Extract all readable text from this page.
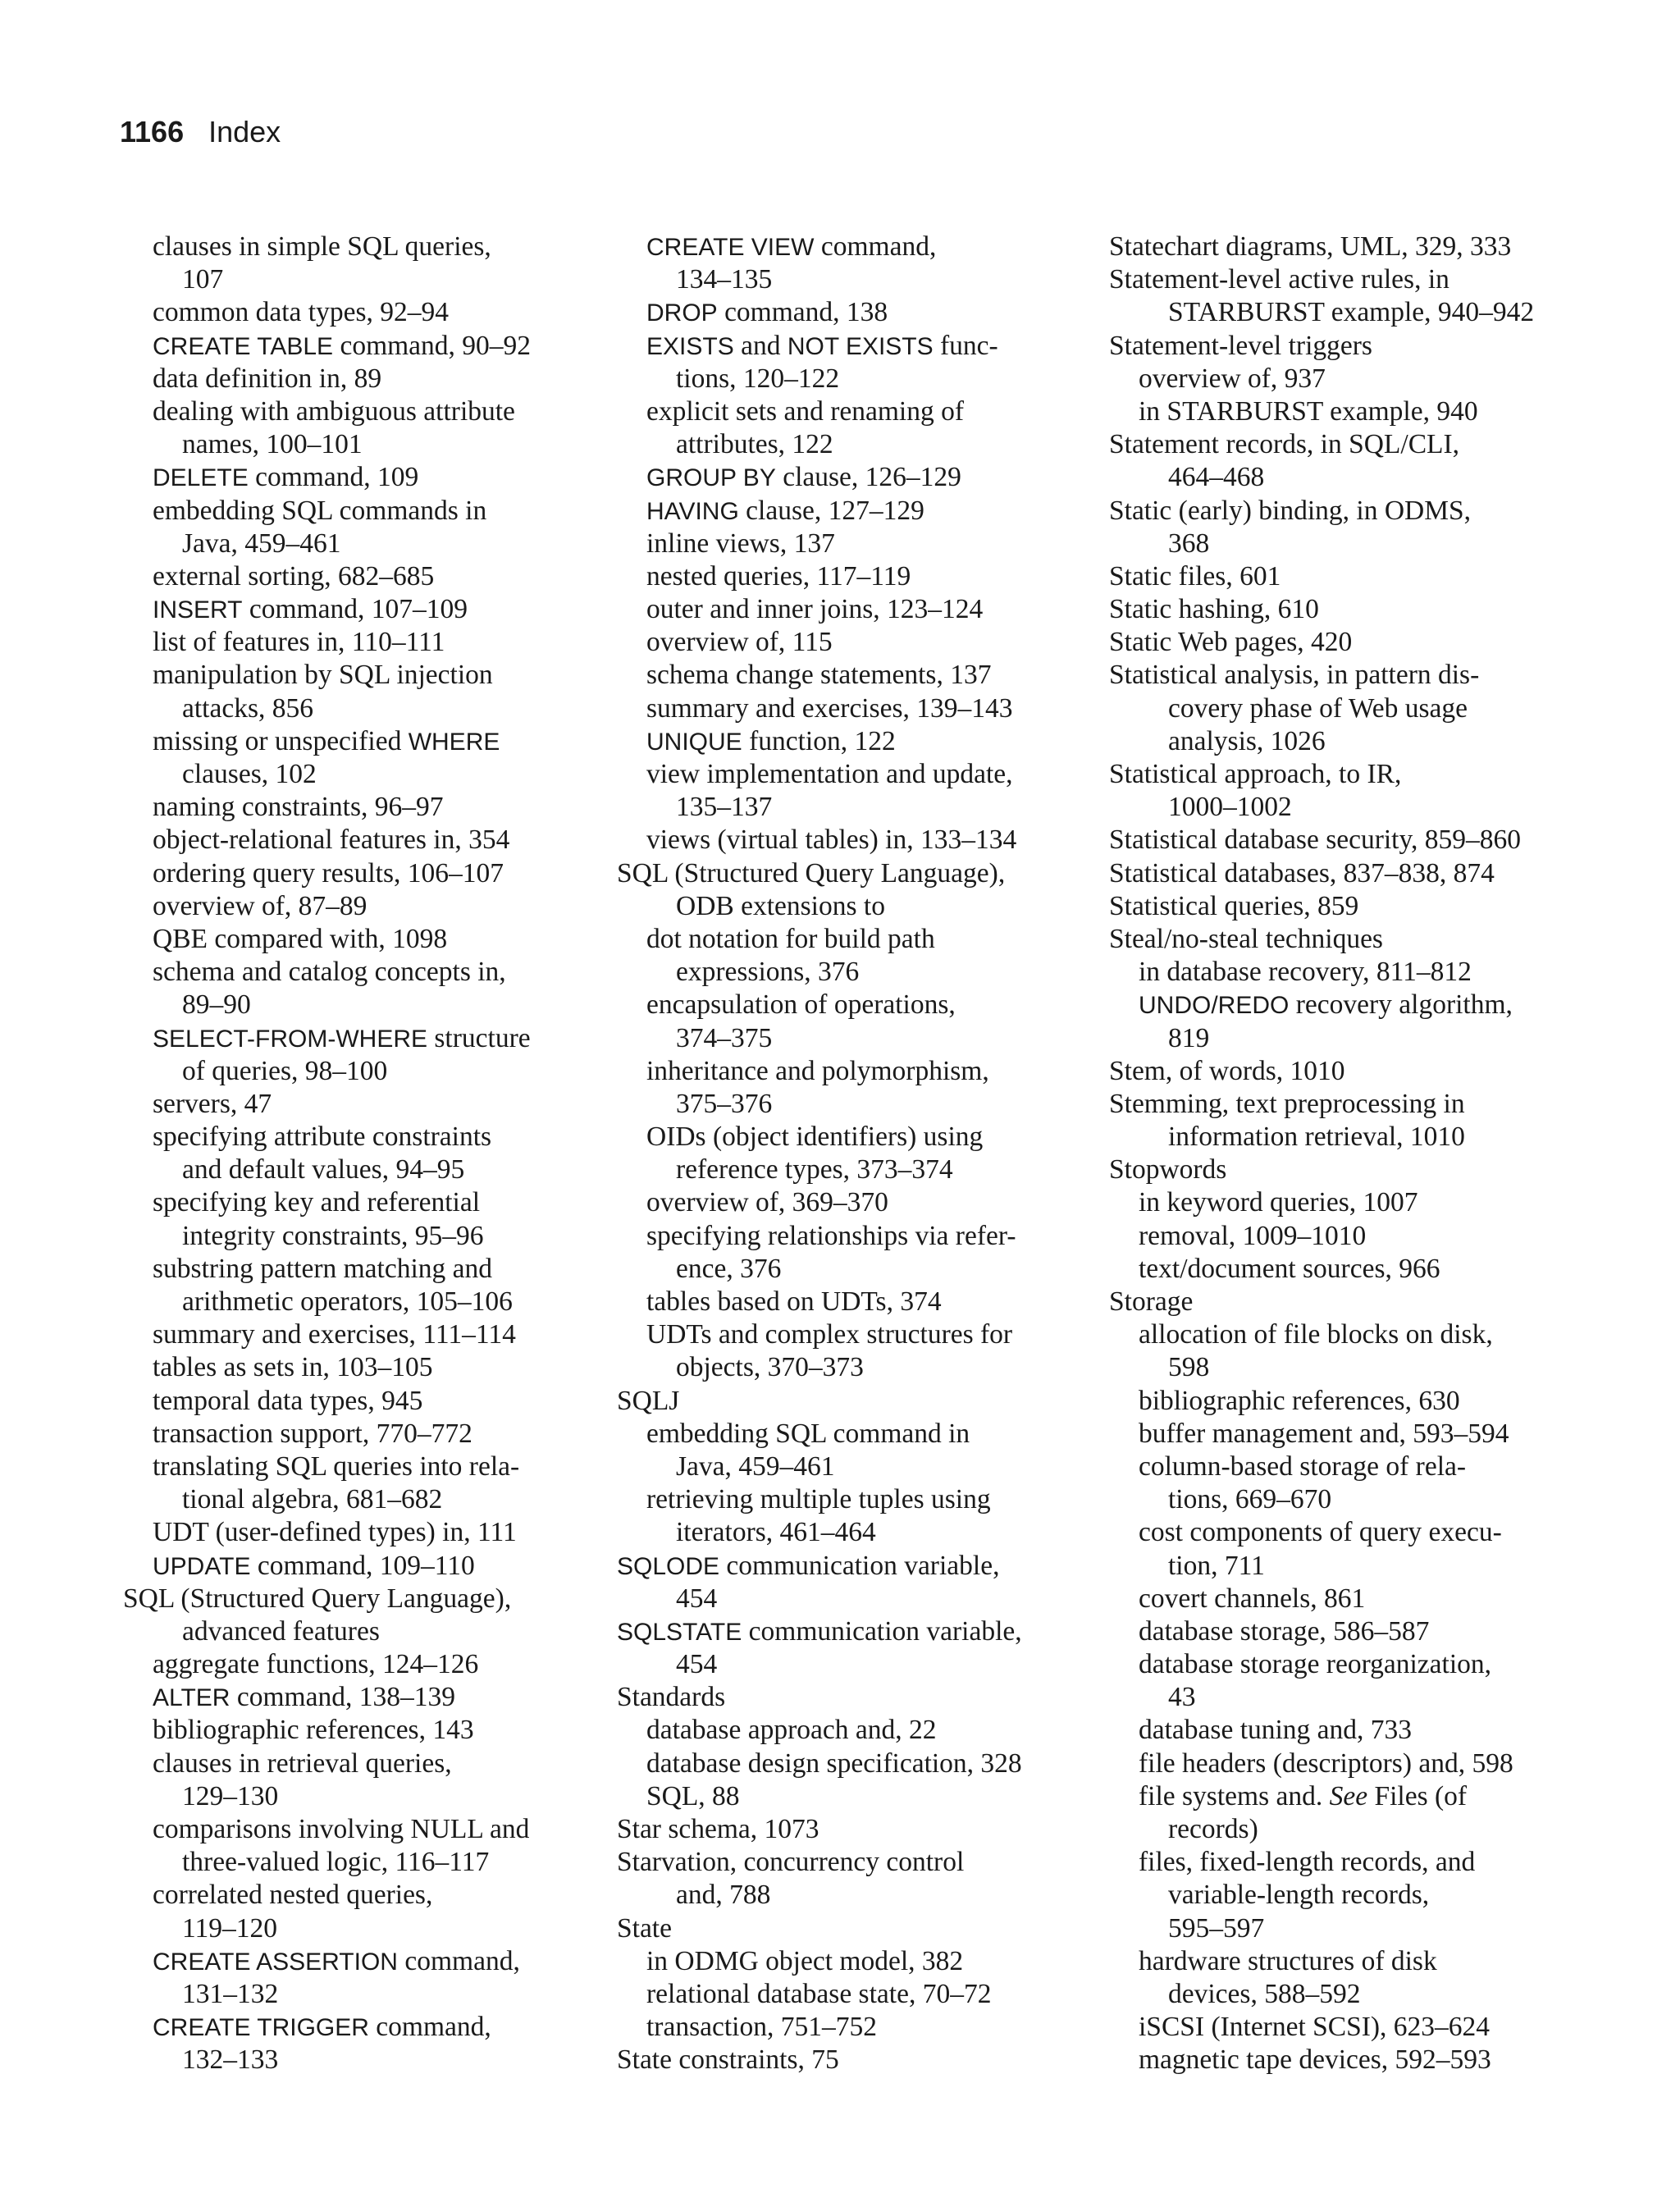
1166 Index
clauses in simple SQL queries,
107
common data types, 92–94
CREATE TABLE command, 90–92
data definition in, 89
dealing with ambiguous attribute
names, 100–101
DELETE command, 109
embedding SQL commands in
Java, 459–461
external sorting, 682–685
INSERT command, 107–109
list of features in, 110–111
manipulation by SQL injection
attacks, 856
missing or unspecified WHERE
clauses, 102
naming constraints, 96–97
object-relational features in, 354
ordering query results, 106–107
overview of, 87–89
QBE compared with, 1098
schema and catalog concepts in,
89–90
SELECT-FROM-WHERE structure
of queries, 98–100
servers, 47
specifying attribute constraints
and default values, 94–95
specifying key and referential
integrity constraints, 95–96
substring pattern matching and
arithmetic operators, 105–106
summary and exercises, 111–114
tables as sets in, 103–105
temporal data types, 945
transaction support, 770–772
translating SQL queries into rela-
tional algebra, 681–682
UDT (user-defined types) in, 111
UPDATE command, 109–110
SQL (Structured Query Language),
advanced features
aggregate functions, 124–126
ALTER command, 138–139
bibliographic references, 143
clauses in retrieval queries,
129–130
comparisons involving NULL and
three-valued logic, 116–117
correlated nested queries,
119–120
CREATE ASSERTION command,
131–132
CREATE TRIGGER command,
132–133
CREATE VIEW command,
134–135
DROP command, 138
EXISTS and NOT EXISTS func-
tions, 120–122
explicit sets and renaming of
attributes, 122
GROUP BY clause, 126–129
HAVING clause, 127–129
inline views, 137
nested queries, 117–119
outer and inner joins, 123–124
overview of, 115
schema change statements, 137
summary and exercises, 139–143
UNIQUE function, 122
view implementation and update,
135–137
views (virtual tables) in, 133–134
SQL (Structured Query Language),
ODB extensions to
dot notation for build path
expressions, 376
encapsulation of operations,
374–375
inheritance and polymorphism,
375–376
OIDs (object identifiers) using
reference types, 373–374
overview of, 369–370
specifying relationships via refer-
ence, 376
tables based on UDTs, 374
UDTs and complex structures for
objects, 370–373
SQLJ
embedding SQL command in
Java, 459–461
retrieving multiple tuples using
iterators, 461–464
SQLODE communication variable,
454
SQLSTATE communication variable,
454
Standards
database approach and, 22
database design specification, 328
SQL, 88
Star schema, 1073
Starvation, concurrency control
and, 788
State
in ODMG object model, 382
relational database state, 70–72
transaction, 751–752
State constraints, 75
Statechart diagrams, UML, 329, 333
Statement-level active rules, in
STARBURST example, 940–942
Statement-level triggers
overview of, 937
in STARBURST example, 940
Statement records, in SQL/CLI,
464–468
Static (early) binding, in ODMS,
368
Static files, 601
Static hashing, 610
Static Web pages, 420
Statistical analysis, in pattern dis-
covery phase of Web usage
analysis, 1026
Statistical approach, to IR,
1000–1002
Statistical database security, 859–860
Statistical databases, 837–838, 874
Statistical queries, 859
Steal/no-steal techniques
in database recovery, 811–812
UNDO/REDO recovery algorithm,
819
Stem, of words, 1010
Stemming, text preprocessing in
information retrieval, 1010
Stopwords
in keyword queries, 1007
removal, 1009–1010
text/document sources, 966
Storage
allocation of file blocks on disk,
598
bibliographic references, 630
buffer management and, 593–594
column-based storage of rela-
tions, 669–670
cost components of query execu-
tion, 711
covert channels, 861
database storage, 586–587
database storage reorganization,
43
database tuning and, 733
file headers (descriptors) and, 598
file systems and. See Files (of
records)
files, fixed-length records, and
variable-length records,
595–597
hardware structures of disk
devices, 588–592
iSCSI (Internet SCSI), 623–624
magnetic tape devices, 592–593
